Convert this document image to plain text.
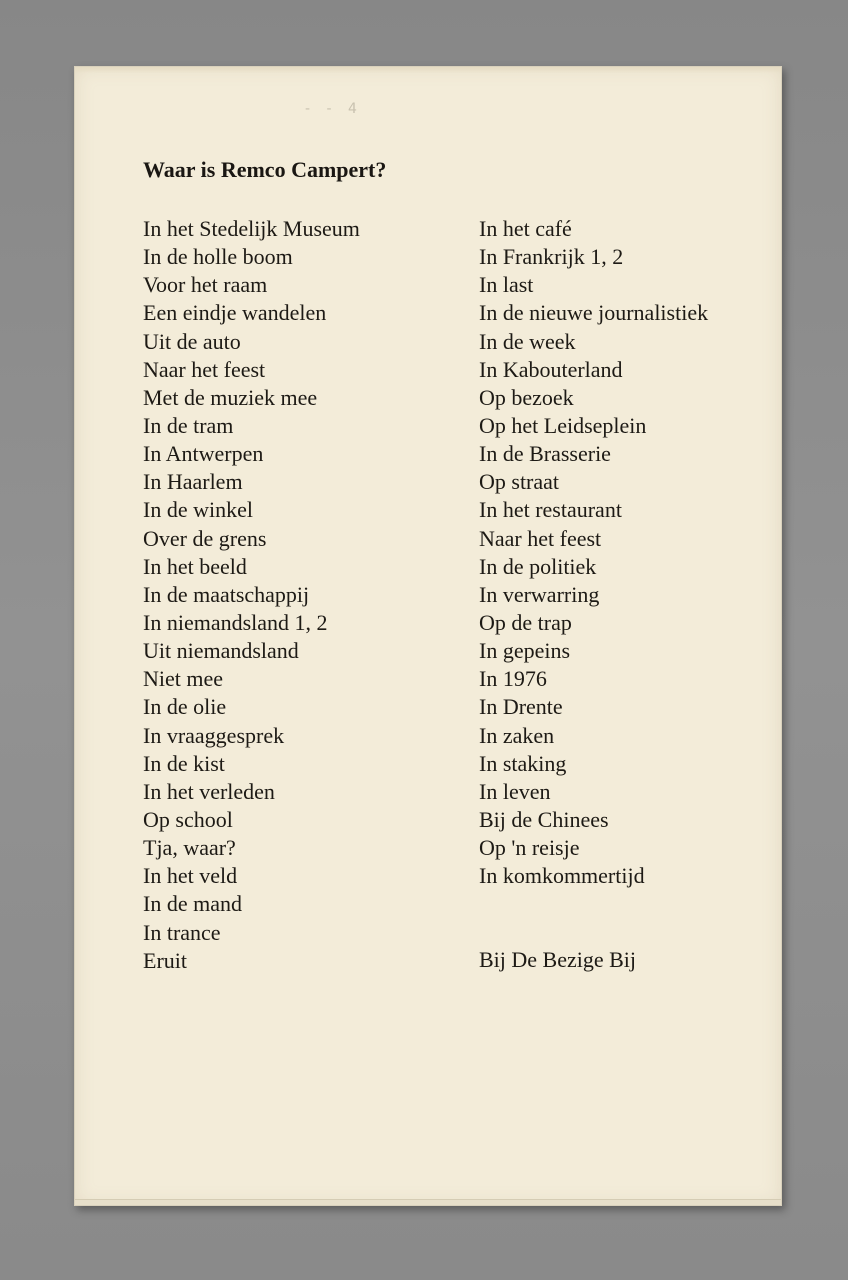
- - 4
Waar is Remco Campert?
In het Stedelijk Museum
In de holle boom
Voor het raam
Een eindje wandelen
Uit de auto
Naar het feest
Met de muziek mee
In de tram
In Antwerpen
In Haarlem
In de winkel
Over de grens
In het beeld
In de maatschappij
In niemandsland 1, 2
Uit niemandsland
Niet mee
In de olie
In vraaggesprek
In de kist
In het verleden
Op school
Tja, waar?
In het veld
In de mand
In trance
Eruit
In het café
In Frankrijk 1, 2
In last
In de nieuwe journalistiek
In de week
In Kabouterland
Op bezoek
Op het Leidseplein
In de Brasserie
Op straat
In het restaurant
Naar het feest
In de politiek
In verwarring
Op de trap
In gepeins
In 1976
In Drente
In zaken
In staking
In leven
Bij de Chinees
Op 'n reisje
In komkommertijd

Bij De Bezige Bij
